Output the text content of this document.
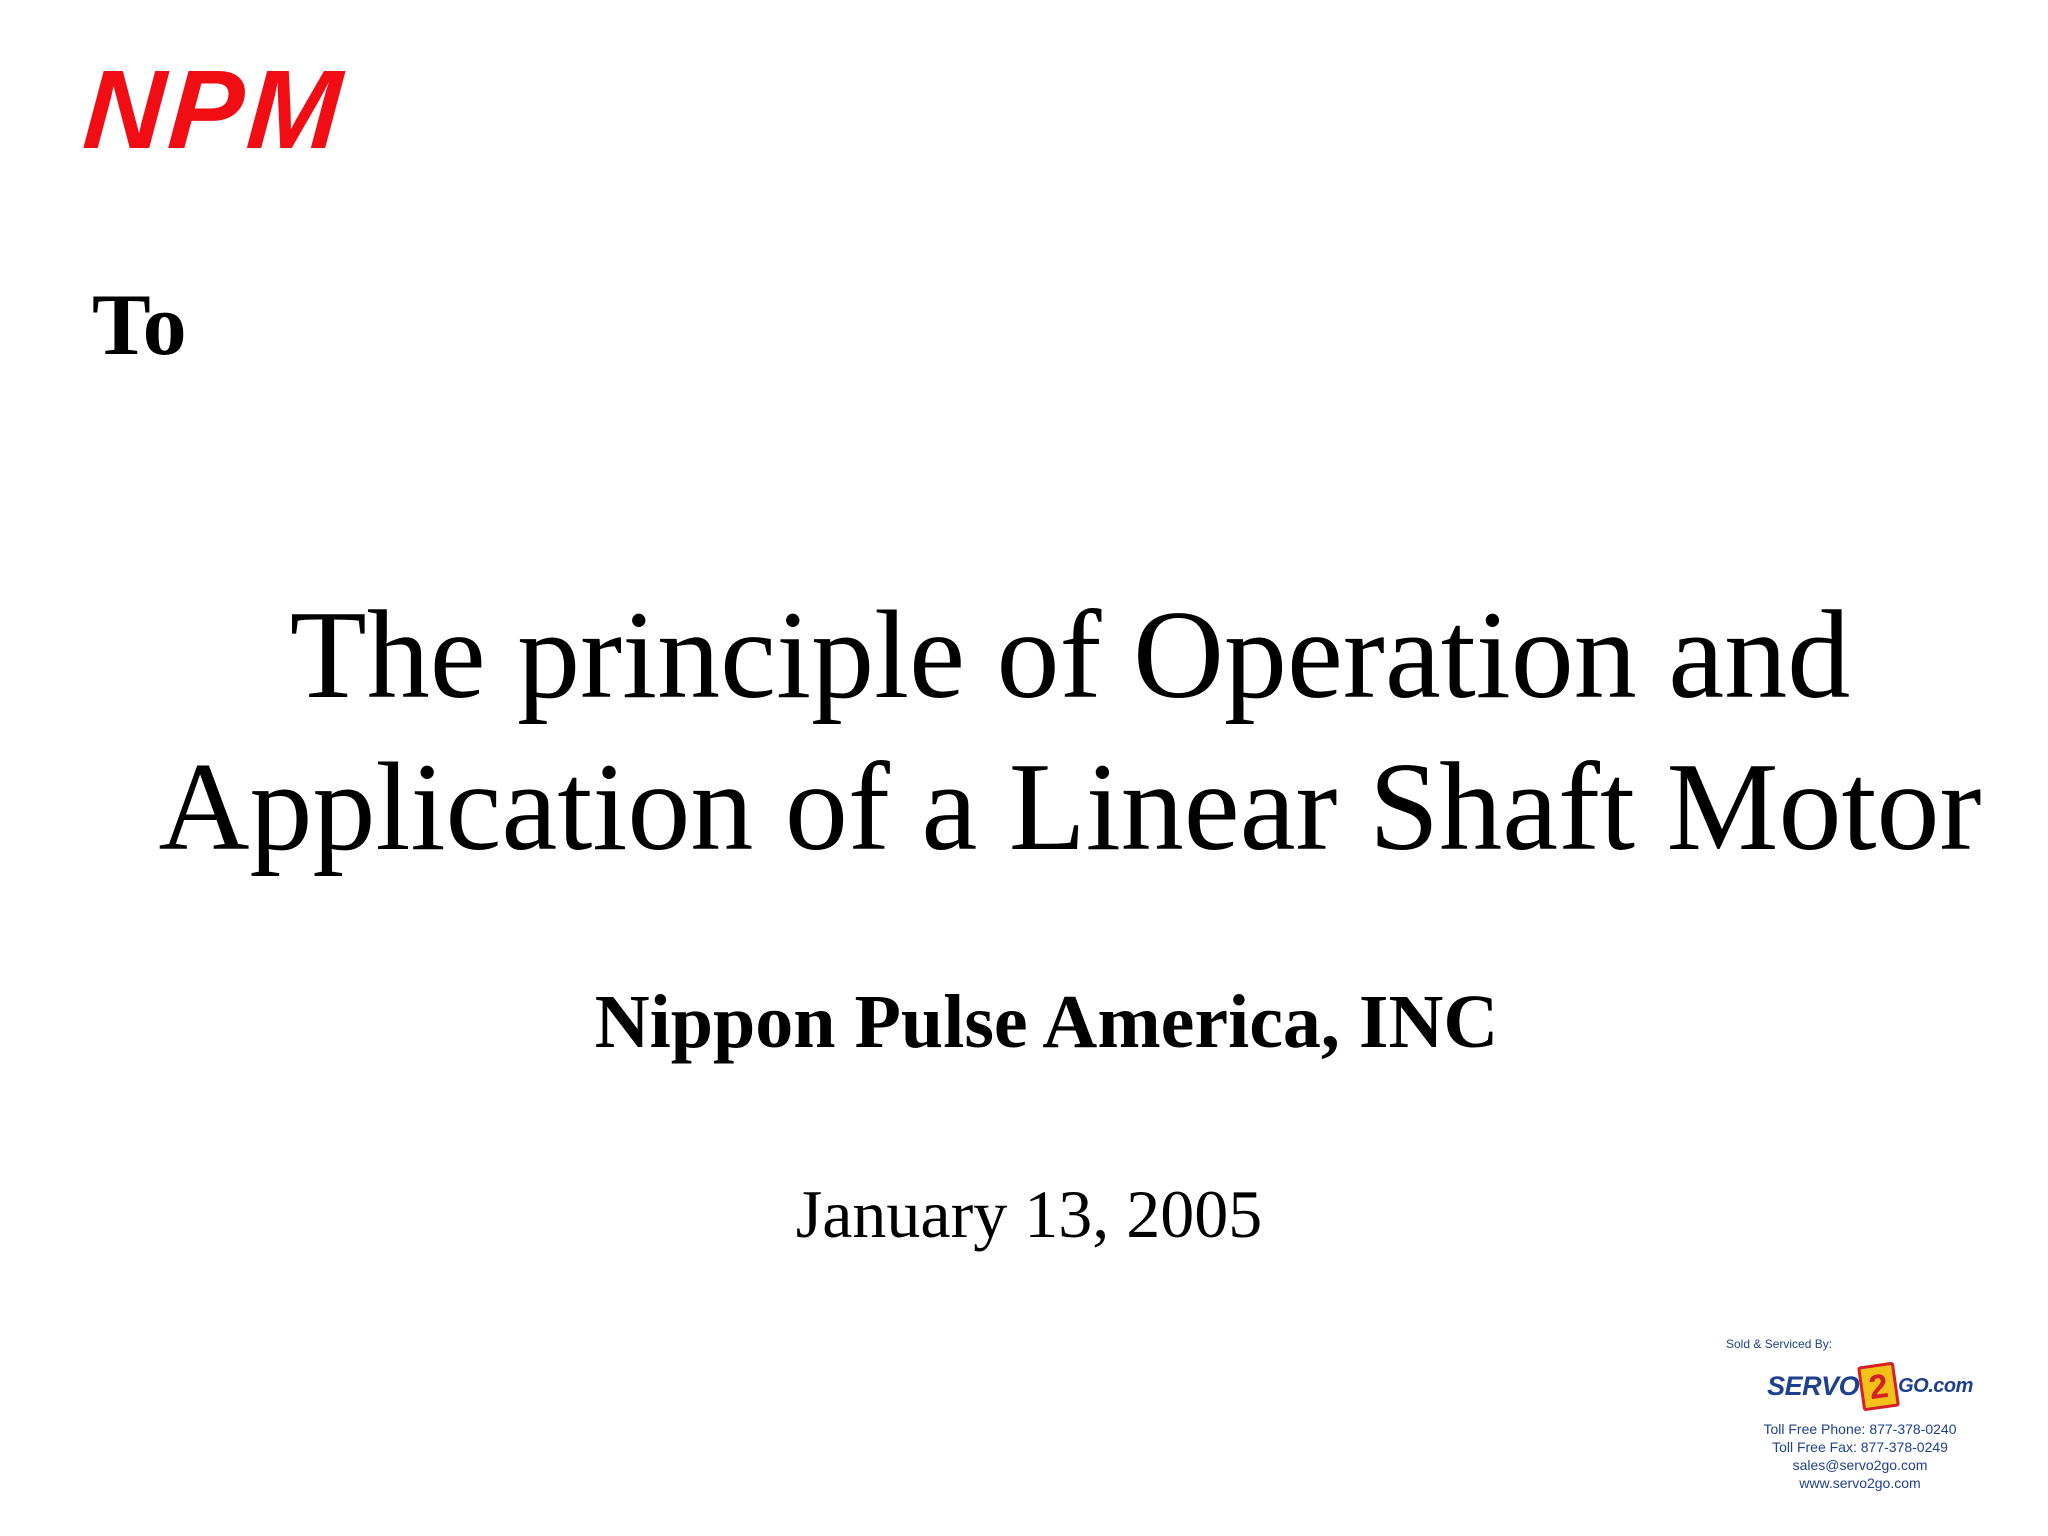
NPM
To
The principle of Operation and
Application of a Linear Shaft Motor
Nippon Pulse America, INC
January 13, 2005
Sold & Serviced By:
SERVO 2 GO.com
Toll Free Phone: 877-378-0240
Toll Free Fax: 877-378-0249
sales@servo2go.com
www.servo2go.com
